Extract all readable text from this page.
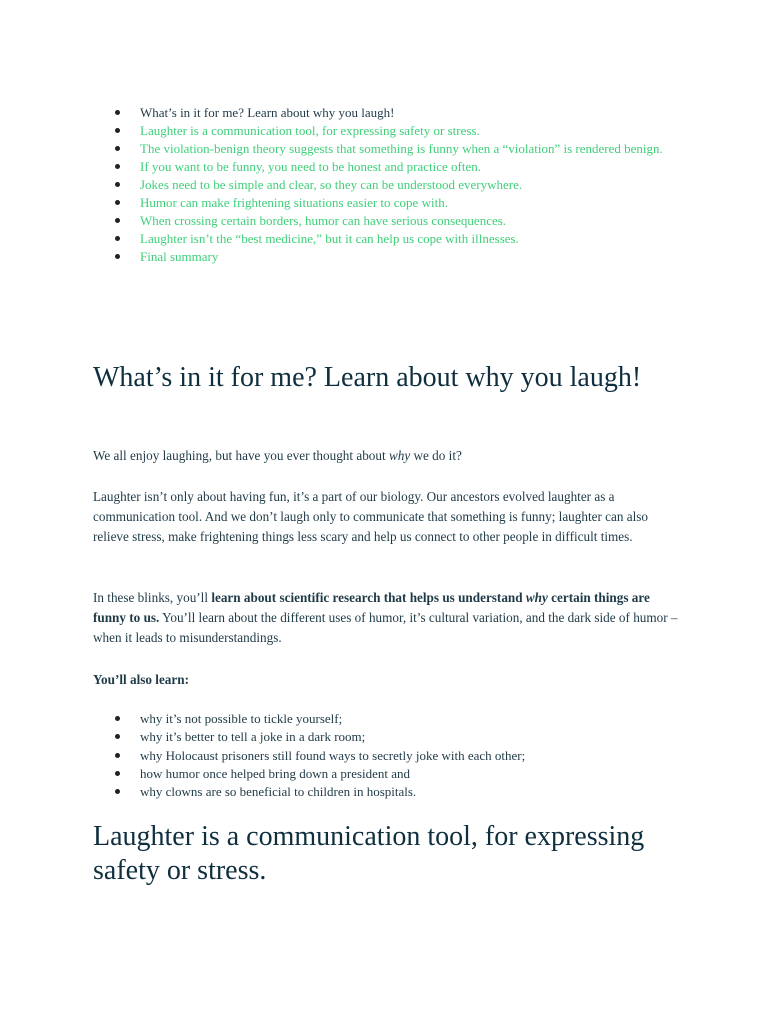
What’s in it for me? Learn about why you laugh!
Laughter is a communication tool, for expressing safety or stress.
The violation-benign theory suggests that something is funny when a “violation” is rendered benign.
If you want to be funny, you need to be honest and practice often.
Jokes need to be simple and clear, so they can be understood everywhere.
Humor can make frightening situations easier to cope with.
When crossing certain borders, humor can have serious consequences.
Laughter isn’t the “best medicine,” but it can help us cope with illnesses.
Final summary
What’s in it for me? Learn about why you laugh!

We all enjoy laughing, but have you ever thought about why we do it?

Laughter isn’t only about having fun, it’s a part of our biology. Our ancestors evolved laughter as a communication tool. And we don’t laugh only to communicate that something is funny; laughter can also relieve stress, make frightening things less scary and help us connect to other people in difficult times.

In these blinks, you’ll learn about scientific research that helps us understand why certain things are funny to us. You’ll learn about the different uses of humor, it’s cultural variation, and the dark side of humor – when it leads to misunderstandings.

You’ll also learn:

why it’s not possible to tickle yourself;
why it’s better to tell a joke in a dark room;
why Holocaust prisoners still found ways to secretly joke with each other;
how humor once helped bring down a president and
why clowns are so beneficial to children in hospitals.
Laughter is a communication tool, for expressing safety or stress.
